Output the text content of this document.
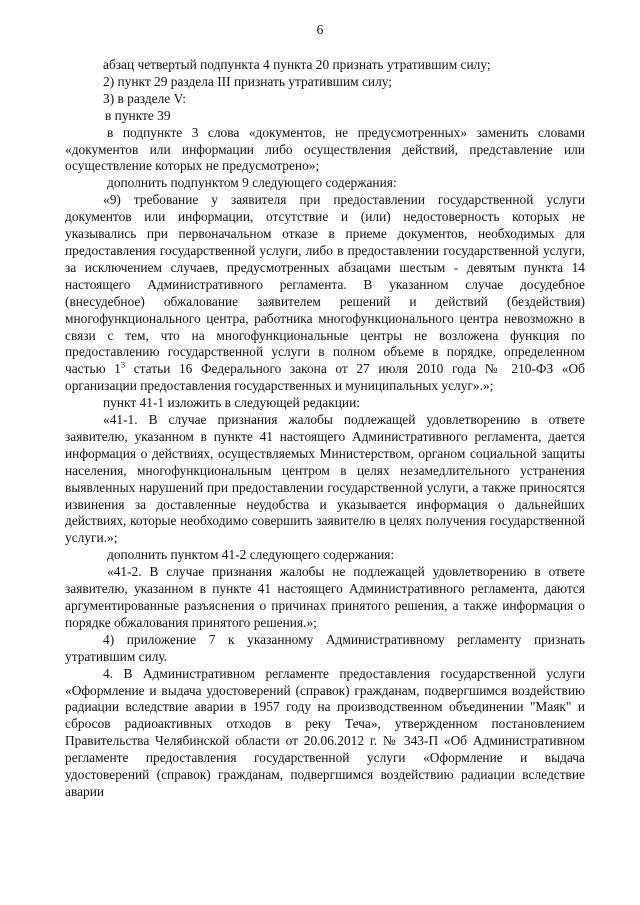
6

абзац четвертый подпункта 4 пункта 20 признать утратившим силу;

2) пункт 29 раздела III признать утратившим силу;

3) в разделе V:

в пункте 39

в подпункте 3 слова «документов, не предусмотренных» заменить словами «документов или информации либо осуществления действий, представление или осуществление которых не предусмотрено»;

дополнить подпунктом 9 следующего содержания:

«9) требование у заявителя при предоставлении государственной услуги документов или информации, отсутствие и (или) недостоверность которых не указывались при первоначальном отказе в приеме документов, необходимых для предоставления государственной услуги, либо в предоставлении государственной услуги, за исключением случаев, предусмотренных абзацами шестым - девятым пункта 14 настоящего Административного регламента. В указанном случае досудебное (внесудебное) обжалование заявителем решений и действий (бездействия) многофункционального центра, работника многофункционального центра невозможно в связи с тем, что на многофункциональные центры не возложена функция по предоставлению государственной услуги в полном объеме в порядке, определенном частью $1^3$ статьи 16 Федерального закона от 27 июля 2010 года № 210-ФЗ «Об организации предоставления государственных и муниципальных услуг».»;

пункт 41-1 изложить в следующей редакции:

«41-1. В случае признания жалобы подлежащей удовлетворению в ответе заявителю, указанном в пункте 41 настоящего Административного регламента, дается информация о действиях, осуществляемых Министерством, органом социальной защиты населения, многофункциональным центром в целях незамедлительного устранения выявленных нарушений при предоставлении государственной услуги, а также приносятся извинения за доставленные неудобства и указывается информация о дальнейших действиях, которые необходимо совершить заявителю в целях получения государственной услуги.»;

дополнить пунктом 41-2 следующего содержания:

«41-2. В случае признания жалобы не подлежащей удовлетворению в ответе заявителю, указанном в пункте 41 настоящего Административного регламента, даются аргументированные разъяснения о причинах принятого решения, а также информация о порядке обжалования принятого решения.»;

4) приложение 7 к указанному Административному регламенту признать утратившим силу.

4. В Административном регламенте предоставления государственной услуги «Оформление и выдача удостоверений (справок) гражданам, подвергшимся воздействию радиации вследствие аварии в 1957 году на производственном объединении "Маяк" и сбросов радиоактивных отходов в реку Теча», утвержденном постановлением Правительства Челябинской области от 20.06.2012 г. № 343-П «Об Административном регламенте предоставления государственной услуги «Оформление и выдача удостоверений (справок) гражданам, подвергшимся воздействию радиации вследствие аварии
